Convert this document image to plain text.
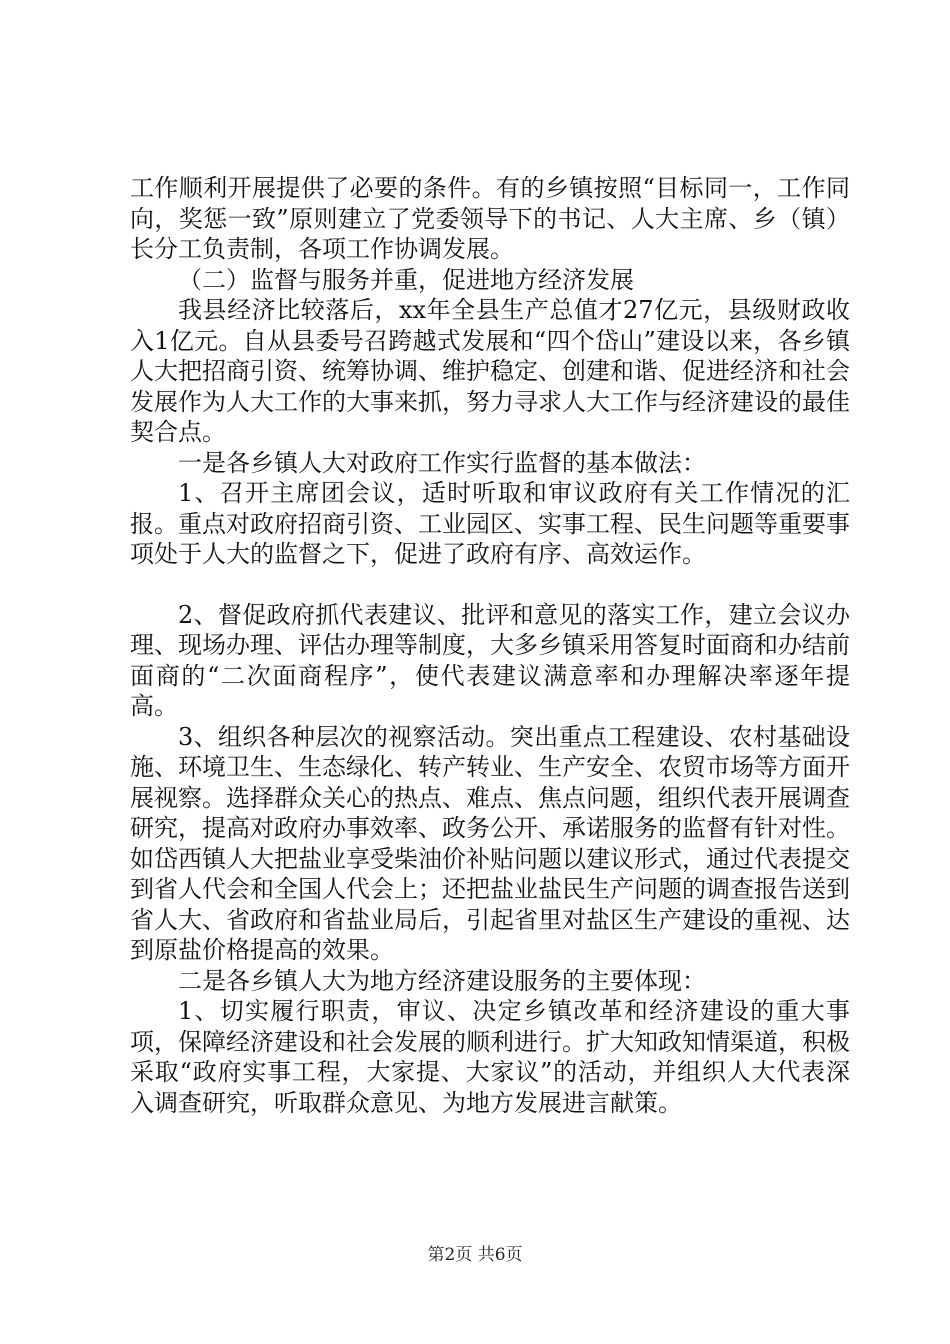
工作顺利开展提供了必要的条件。有的乡镇按照“目标同一，工作同向，奖惩一致”原则建立了党委领导下的书记、人大主席、乡（镇）长分工负责制，各项工作协调发展。

（二）监督与服务并重，促进地方经济发展

我县经济比较落后，xx年全县生产总值才27亿元，县级财政收入1亿元。自从县委号召跨越式发展和“四个岱山”建设以来，各乡镇人大把招商引资、统筹协调、维护稳定、创建和谐、促进经济和社会发展作为人大工作的大事来抓，努力寻求人大工作与经济建设的最佳契合点。

一是各乡镇人大对政府工作实行监督的基本做法：

1、召开主席团会议，适时听取和审议政府有关工作情况的汇报。重点对政府招商引资、工业园区、实事工程、民生问题等重要事项处于人大的监督之下，促进了政府有序、高效运作。

2、督促政府抓代表建议、批评和意见的落实工作，建立会议办理、现场办理、评估办理等制度，大多乡镇采用答复时面商和办结前面商的“二次面商程序”，使代表建议满意率和办理解决率逐年提高。

3、组织各种层次的视察活动。突出重点工程建设、农村基础设施、环境卫生、生态绿化、转产转业、生产安全、农贸市场等方面开展视察。选择群众关心的热点、难点、焦点问题，组织代表开展调查研究，提高对政府办事效率、政务公开、承诺服务的监督有针对性。如岱西镇人大把盐业享受柴油价补贴问题以建议形式，通过代表提交到省人代会和全国人代会上；还把盐业盐民生产问题的调查报告送到省人大、省政府和省盐业局后，引起省里对盐区生产建设的重视、达到原盐价格提高的效果。

二是各乡镇人大为地方经济建设服务的主要体现：

1、切实履行职责，审议、决定乡镇改革和经济建设的重大事项，保障经济建设和社会发展的顺利进行。扩大知政知情渠道，积极采取“政府实事工程，大家提、大家议”的活动，并组织人大代表深入调查研究，听取群众意见、为地方发展进言献策。

第2页 共6页
